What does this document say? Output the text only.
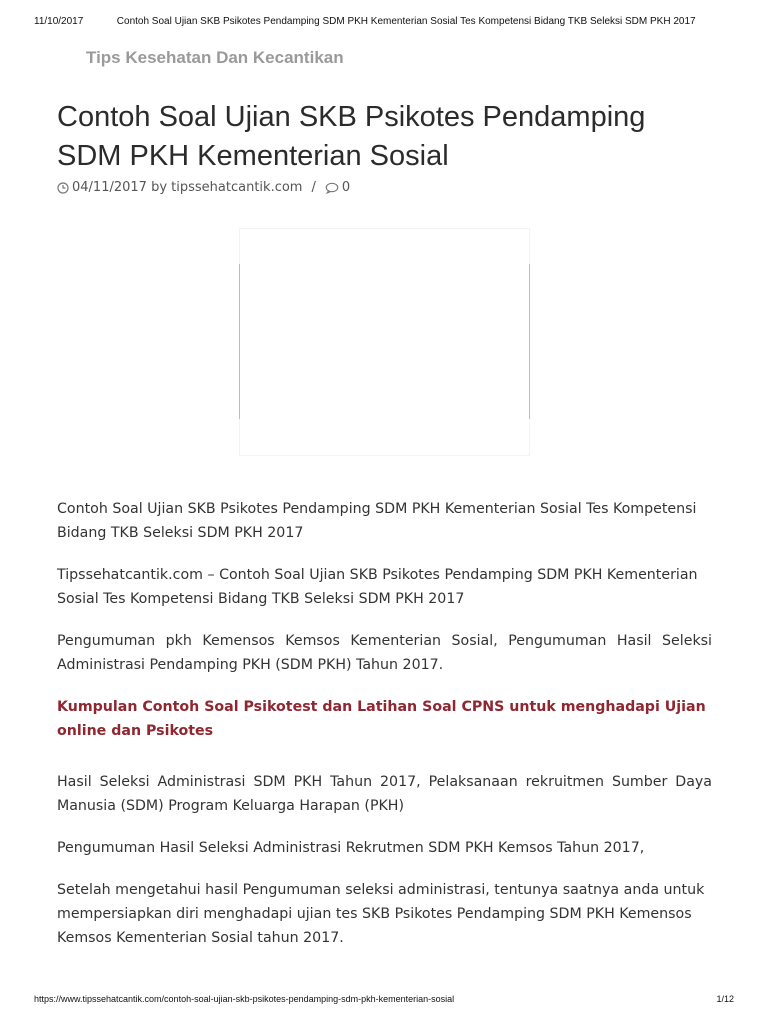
11/10/2017	Contoh Soal Ujian SKB Psikotes Pendamping SDM PKH Kementerian Sosial Tes Kompetensi Bidang TKB Seleksi SDM PKH 2017
Tips Kesehatan Dan Kecantikan
Contoh Soal Ujian SKB Psikotes Pendamping SDM PKH Kementerian Sosial
04/11/2017
by
tipssehatcantik.com / 0

Contoh Soal Ujian SKB Psikotes Pendamping SDM PKH Kementerian Sosial Tes Kompetensi Bidang TKB Seleksi SDM PKH 2017

Tipssehatcantik.com – Contoh Soal Ujian SKB Psikotes Pendamping SDM PKH Kementerian Sosial Tes Kompetensi Bidang TKB Seleksi SDM PKH 2017

Pengumuman pkh Kemensos Kemsos Kementerian Sosial, Pengumuman Hasil Seleksi Administrasi Pendamping PKH (SDM PKH) Tahun 2017.

Kumpulan Contoh Soal Psikotest dan Latihan Soal CPNS untuk menghadapi Ujian online dan Psikotes

Hasil Seleksi Administrasi SDM PKH Tahun 2017, Pelaksanaan rekruitmen Sumber Daya Manusia (SDM) Program Keluarga Harapan (PKH)

Pengumuman Hasil Seleksi Administrasi Rekrutmen SDM PKH Kemsos Tahun 2017,

Setelah mengetahui hasil Pengumuman seleksi administrasi, tentunya saatnya anda untuk mempersiapkan diri menghadapi ujian tes SKB Psikotes Pendamping SDM PKH Kemensos Kemsos Kementerian Sosial tahun 2017.

https://www.tipssehatcantik.com/contoh-soal-ujian-skb-psikotes-pendamping-sdm-pkh-kementerian-sosial	1/12
